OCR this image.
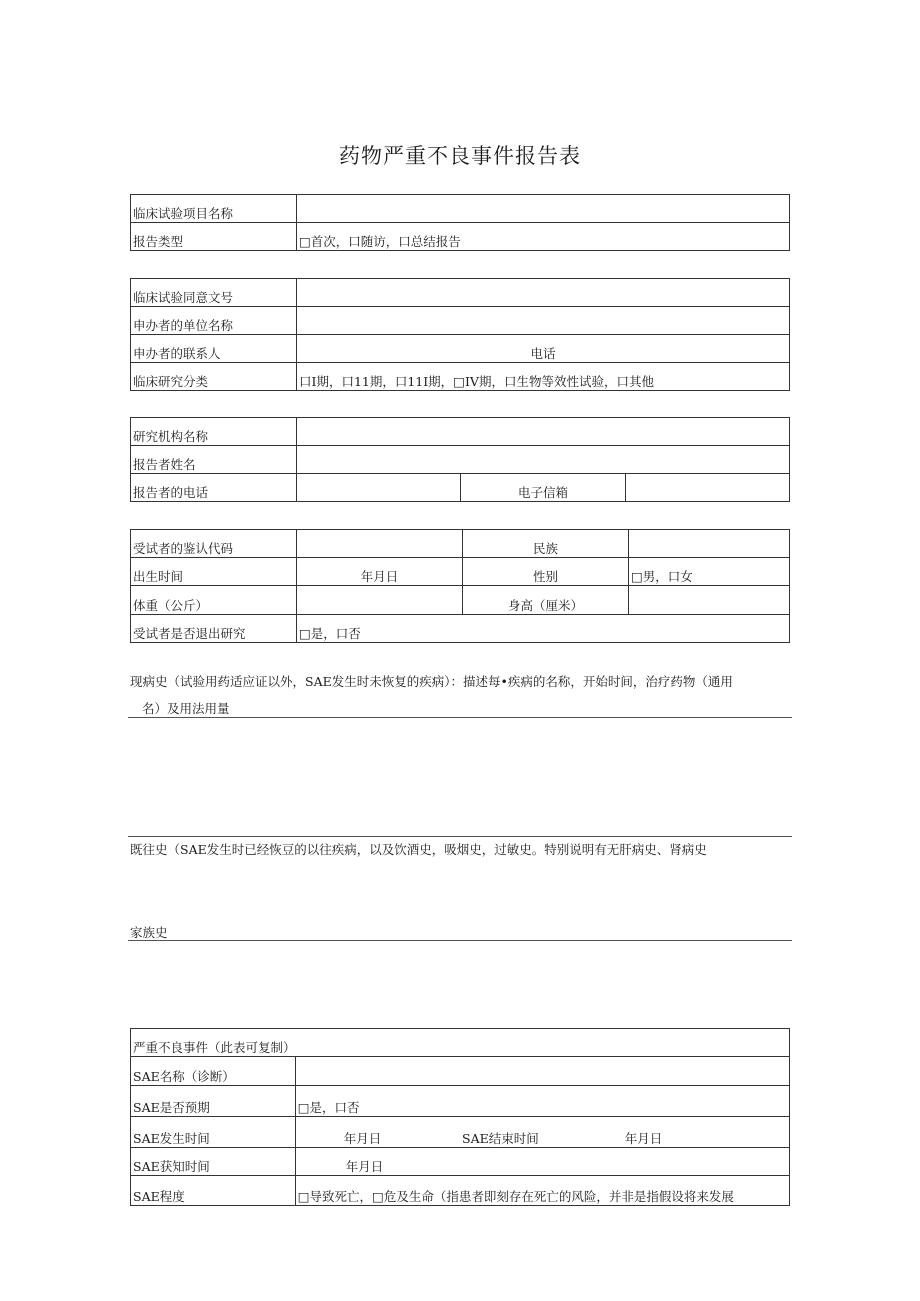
药物严重不良事件报告表
临床试验项目名称	
报告类型	□首次，口随访，口总结报告
临床试验同意文号	
申办者的单位名称	
申办者的联系人	电话
临床研究分类	口I期，口11期，口11I期，□IV期，口生物等效性试验，口其他
研究机构名称			
报告者姓名			
报告者的电话		电子信箱	
受试者的鉴认代码		民族	
出生时间	年月日	性别	□男，口女
体重（公斤）		身高（厘米）	
受试者是否退出研究	□是，口否		
现病史（试验用药适应证以外，SAE发生时未恢复的疾病）：描述每•疾病的名称，开始时间，治疗药物（通用
名）及用法用量
既往史（SAE发生时已经恢豆的以往疾病，以及饮酒史，吸烟史，过敏史。特别说明有无肝病史、肾病史
家族史
严重不良事件（此表可复制）			
SAE名称（诊断）			
SAE是否预期	□是，口否		
SAE发生时间	年月日	SAE结束时间	年月日
SAE获知时间	年月日		
SAE程度	□导致死亡，□危及生命（指患者即刻存在死亡的风险，并非是指假设将来发展		
